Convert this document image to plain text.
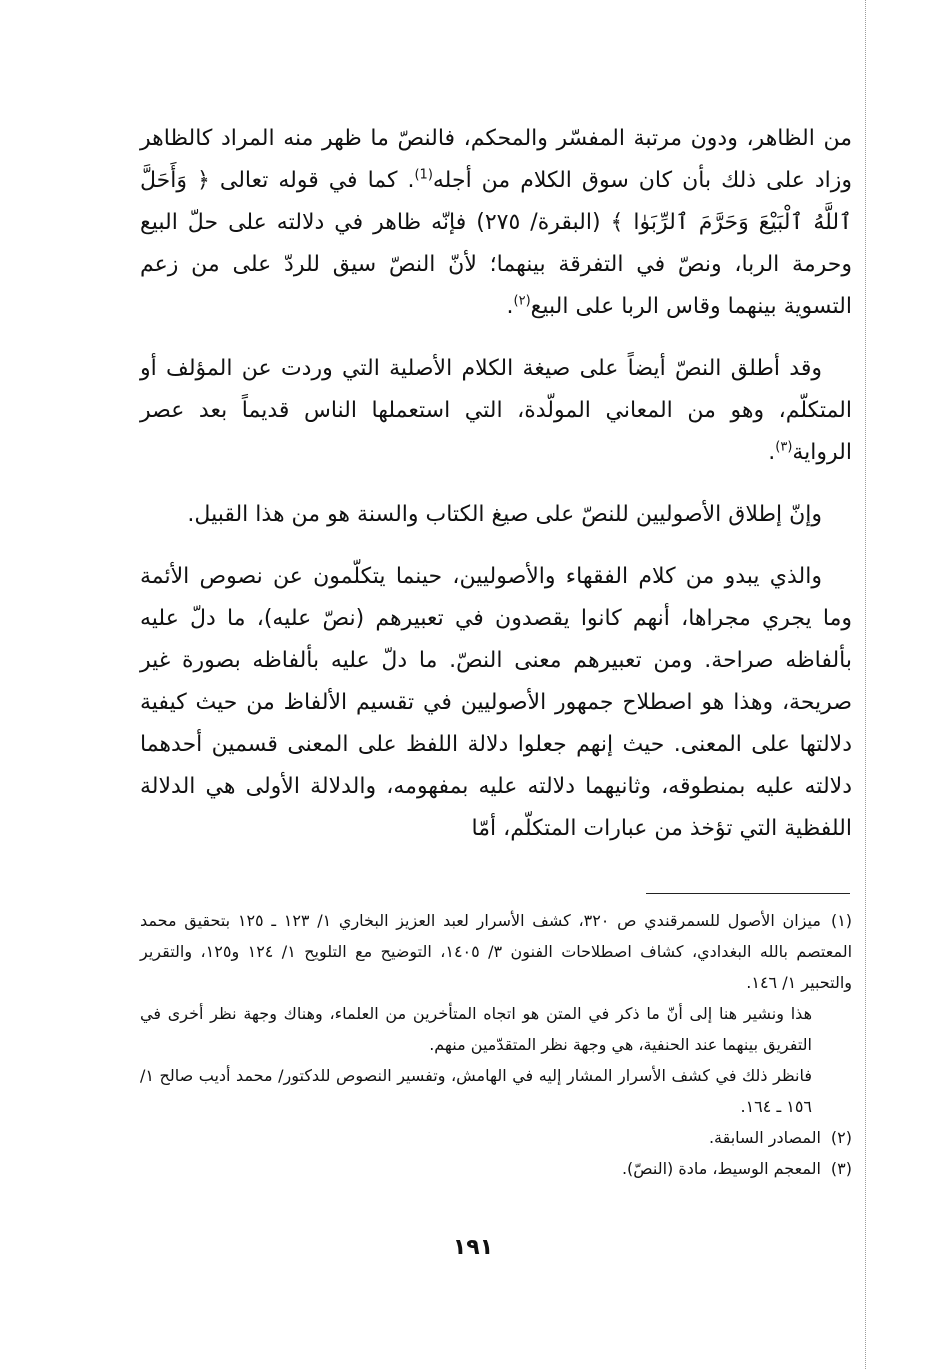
من الظاهر، ودون مرتبة المفسّر والمحكم، فالنصّ ما ظهر منه المراد كالظاهر وزاد على ذلك بأن كان سوق الكلام من أجله$^{(1)}$. كما في قوله تعالى ﴿ وَأَحَلَّ ٱللَّهُ ٱلْبَيْعَ وَحَرَّمَ ٱلرِّبَوٰا ﴾ (البقرة/ ٢٧٥) فإنّه ظاهر في دلالته على حلّ البيع وحرمة الربا، ونصّ في التفرقة بينهما؛ لأنّ النصّ سيق للردّ على من زعم التسوية بينهما وقاس الربا على البيع$^{(٢)}$.

وقد أطلق النصّ أيضاً على صيغة الكلام الأصلية التي وردت عن المؤلف أو المتكلّم، وهو من المعاني المولّدة، التي استعملها الناس قديماً بعد عصر الرواية$^{(٣)}$.

وإنّ إطلاق الأصوليين للنصّ على صيغ الكتاب والسنة هو من هذا القبيل.

والذي يبدو من كلام الفقهاء والأصوليين، حينما يتكلّمون عن نصوص الأئمة وما يجري مجراها، أنهم كانوا يقصدون في تعبيرهم (نصّ عليه)، ما دلّ عليه بألفاظه صراحة. ومن تعبيرهم معنى النصّ. ما دلّ عليه بألفاظه بصورة غير صريحة، وهذا هو اصطلاح جمهور الأصوليين في تقسيم الألفاظ من حيث كيفية دلالتها على المعنى. حيث إنهم جعلوا دلالة اللفظ على المعنى قسمين أحدهما دلالته عليه بمنطوقه، وثانيهما دلالته عليه بمفهومه، والدلالة الأولى هي الدلالة اللفظية التي تؤخذ من عبارات المتكلّم، أمّا

(١)ميزان الأصول للسمرقندي ص ٣٢٠، كشف الأسرار لعبد العزيز البخاري ١/ ١٢٣ ـ ١٢٥ بتحقيق محمد المعتصم بالله البغدادي، كشاف اصطلاحات الفنون ٣/ ١٤٠٥، التوضيح مع التلويح ١/ ١٢٤ و١٢٥، والتقرير والتحبير ١/ ١٤٦.

هذا ونشير هنا إلى أنّ ما ذكر في المتن هو اتجاه المتأخرين من العلماء، وهناك وجهة نظر أخرى في التفريق بينهما عند الحنفية، هي وجهة نظر المتقدّمين منهم.

فانظر ذلك في كشف الأسرار المشار إليه في الهامش، وتفسير النصوص للدكتور/ محمد أديب صالح ١/ ١٥٦ ـ ١٦٤.

(٢)المصادر السابقة.

(٣)المعجم الوسيط، مادة (النصّ).

١٩١
